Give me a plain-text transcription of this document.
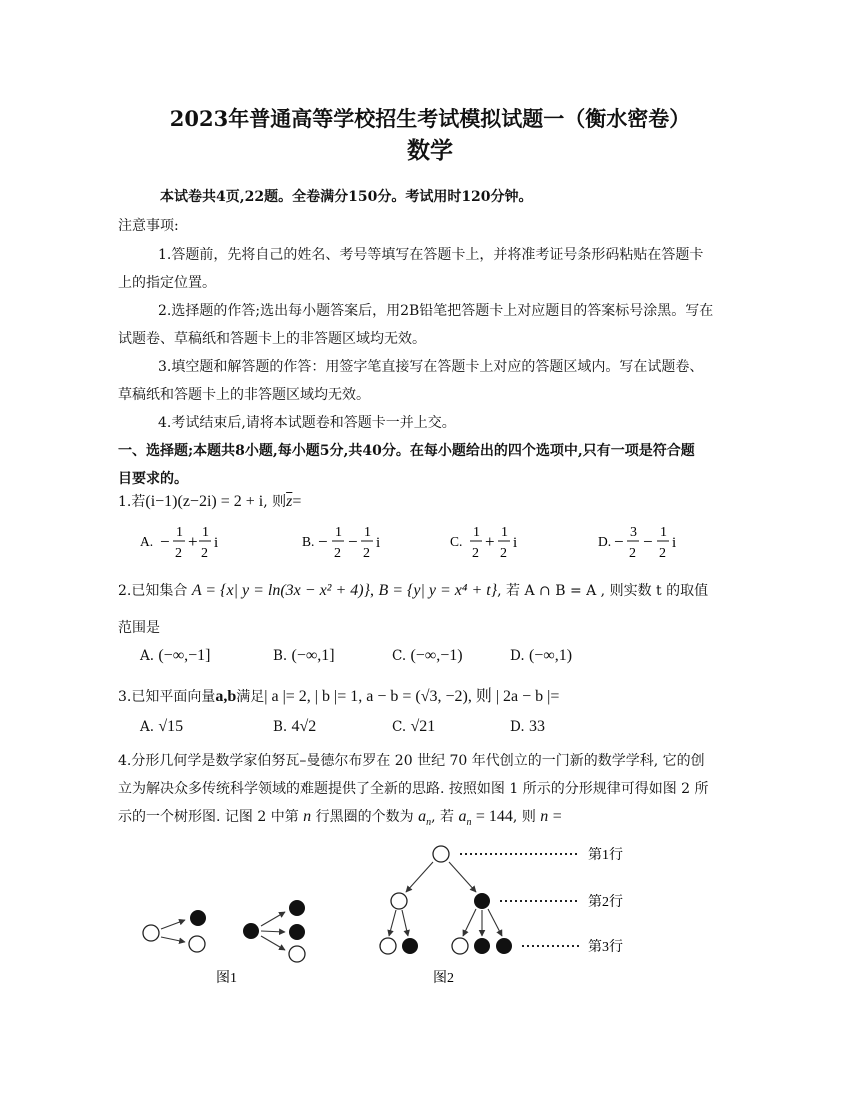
2023年普通高等学校招生考试模拟试题一（衡水密卷）
数学
本试卷共4页,22题。全卷满分150分。考试用时120分钟。
注意事项:
1.答题前，先将自己的姓名、考号等填写在答题卡上，并将准考证号条形码粘贴在答题卡
上的指定位置。
2.选择题的作答;选出每小题答案后，用2B铅笔把答题卡上对应题目的答案标号涂黑。写在
试题卷、草稿纸和答题卡上的非答题区域均无效。
3.填空题和解答题的作答：用签字笔直接写在答题卡上对应的答题区域内。写在试题卷、
草稿纸和答题卡上的非答题区域均无效。
4.考试结束后,请将本试题卷和答题卡一并上交。
一、选择题;本题共8小题,每小题5分,共40分。在每小题给出的四个选项中,只有一项是符合题
目要求的。
1.若(i−1)(z−2i) = 2 + i, 则$\overline{z}=$
A. − 1
2
+ 1
2
i	B. − 1
2
− 1
2
i	C.
1
2
+ 1
2
i	D. − 3
2
− 1
2
i
2.已知集合 A = {x| y = ln(3x − x² + 4)}, B = {y| y = x⁴ + t}, 若 A ∩ B = A , 则实数 t 的取值
范围是
A. (−∞,−1]	B. (−∞,1]	C. (−∞,−1)	D. (−∞,1)
3.已知平面向量a,b满足| a |= 2, | b |= 1, a − b = (√3, −2), 则 | 2a − b |=
A. √15	B. 4√2	C. √21	D. 33
4.分形几何学是数学家伯努瓦–曼德尔布罗在 20 世纪 70 年代创立的一门新的数学学科, 它的创
立为解决众多传统科学领域的难题提供了全新的思路. 按照如图 1 所示的分形规律可得如图 2 所
示的一个树形图. 记图 2 中第 n 行黑圈的个数为 $a_n$, 若 $a_n = 144$, 则 n =
图1
第1行
第2行
第3行
图2
